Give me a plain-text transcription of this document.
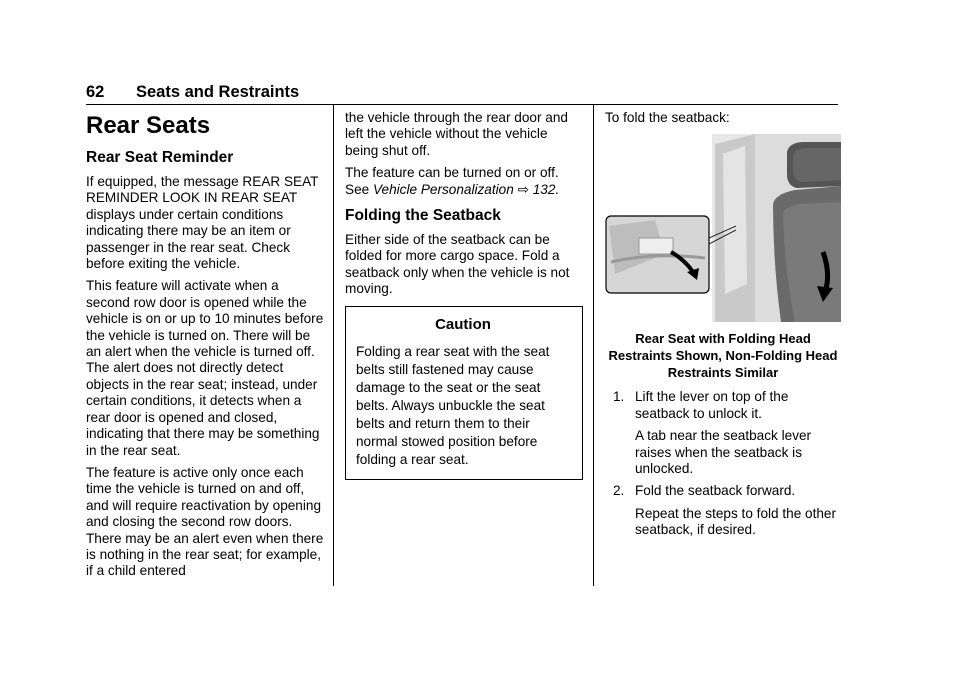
62 Seats and Restraints
Rear Seats
Rear Seat Reminder

If equipped, the message REAR SEAT REMINDER LOOK IN REAR SEAT displays under certain conditions indicating there may be an item or passenger in the rear seat. Check before exiting the vehicle.

This feature will activate when a second row door is opened while the vehicle is on or up to 10 minutes before the vehicle is turned on. There will be an alert when the vehicle is turned off. The alert does not directly detect objects in the rear seat; instead, under certain conditions, it detects when a rear door is opened and closed, indicating that there may be something in the rear seat.

The feature is active only once each time the vehicle is turned on and off, and will require reactivation by opening and closing the second row doors. There may be an alert even when there is nothing in the rear seat; for example, if a child entered

the vehicle through the rear door and left the vehicle without the vehicle being shut off.

The feature can be turned on or off.
See Vehicle Personalization ⇨ 132.

Folding the Seatback

Either side of the seatback can be folded for more cargo space. Fold a seatback only when the vehicle is not moving.

Caution
Folding a rear seat with the seat belts still fastened may cause damage to the seat or the seat belts. Always unbuckle the seat belts and return them to their normal stowed position before folding a rear seat.

To fold the seatback:

Rear Seat with Folding Head Restraints Shown, Non-Folding Head Restraints Similar
1. Lift the lever on top of the seatback to unlock it.
A tab near the seatback lever raises when the seatback is unlocked.
2. Fold the seatback forward.
Repeat the steps to fold the other seatback, if desired.
